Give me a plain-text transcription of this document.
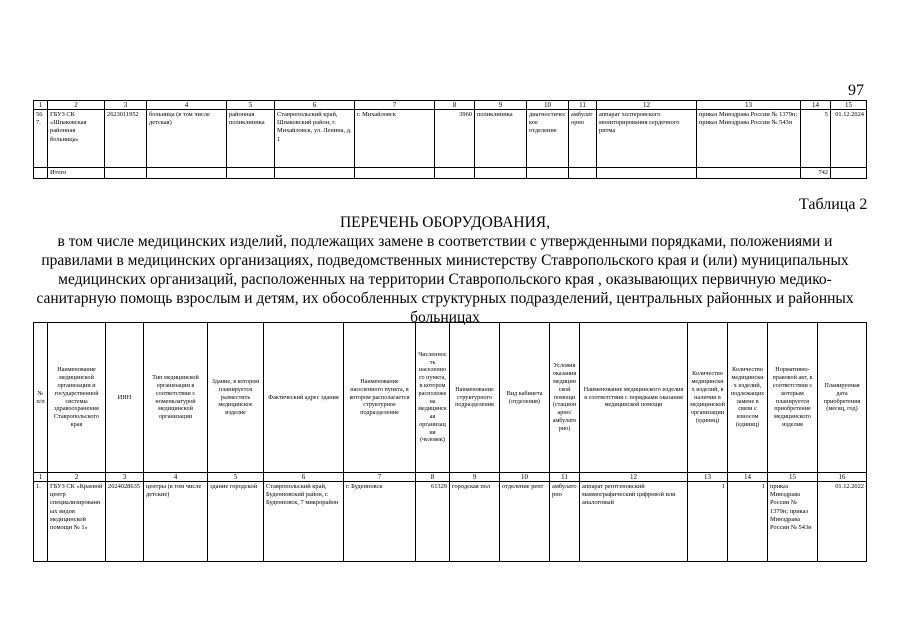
97
1	2	3	4	5	6	7	8	9	10	11	12	13	14	15
567.	ГБУЗ СК «Шпаковская районная больница»	2623011952	больница (в том числе детская)	районная поликлиника	Ставропольский край, Шпаковский район, г. Михайловск, ул. Ленина, д. 1	г. Михайловск	3960	поликлиника	диагностическое отделение	амбулаторно	аппарат холтеровского мониторирования сердечного ритма	приказ Минздрава России № 1379н; приказ Минздрава России № 543н	5	01.12.2024
	Итого												742	
Таблица 2
ПЕРЕЧЕНЬ ОБОРУДОВАНИЯ,
в том числе медицинских изделий, подлежащих замене в соответствии с утвержденными порядками, положениями и правилами в медицинских организациях, подведомственных министерству Ставропольского края и (или) муниципальных медицинских организаций, расположенных на территории Ставропольского края , оказывающих первичную медико-санитарную помощь взрослым и детям, их обособленных структурных подразделений, центральных районных и районных больницах
№ п/п	Наименование медицинской организации и государственной системы здравоохранения Ставропольского края	ИНН	Тип медицинской организации в соответствии с номенклатурой медицинской организации	Здание, в котором планируется разместить медицинское изделие	Фактический адрес здания	Наименование населенного пункта, в котором располагается структурное подразделение	Численность населенного пункта, в котором расположена медицинская организация (человек)	Наименование структурного подразделения	Вид кабинета (отделения)	Условия оказания медицинской помощи (стационарно/амбулаторно)	Наименование медицинского изделия в соответствии с порядками оказания медицинской помощи	Количество медицинских изделий, в наличии в медицинской организации (единиц)	Количество медицинских изделий, подлежащих замене в связи с износом (единиц)	Нормативно-правовой акт, в соответствии с которым планируется приобретение медицинского изделия	Планируемая дата приобретения (месяц, год)
1	2	3	4	5	6	7	8	9	10	11	12	13	14	15	16
1.	ГБУЗ СК «Краевой центр специализированных видов медицинской помощи № 1»	2624028635	центры (в том числе детские)	здание городской	Ставропольский край, Буденновский район, г. Буденновск, 7 микрорайон	г. Буденновск	61329	городская пол	отделение рент	амбулаторно	аппарат рентгеновский маммографический цифровой или аналоговый	1	1	приказ Минздрава России № 1379н; приказ Минздрава России № 543н	01.12.2022
